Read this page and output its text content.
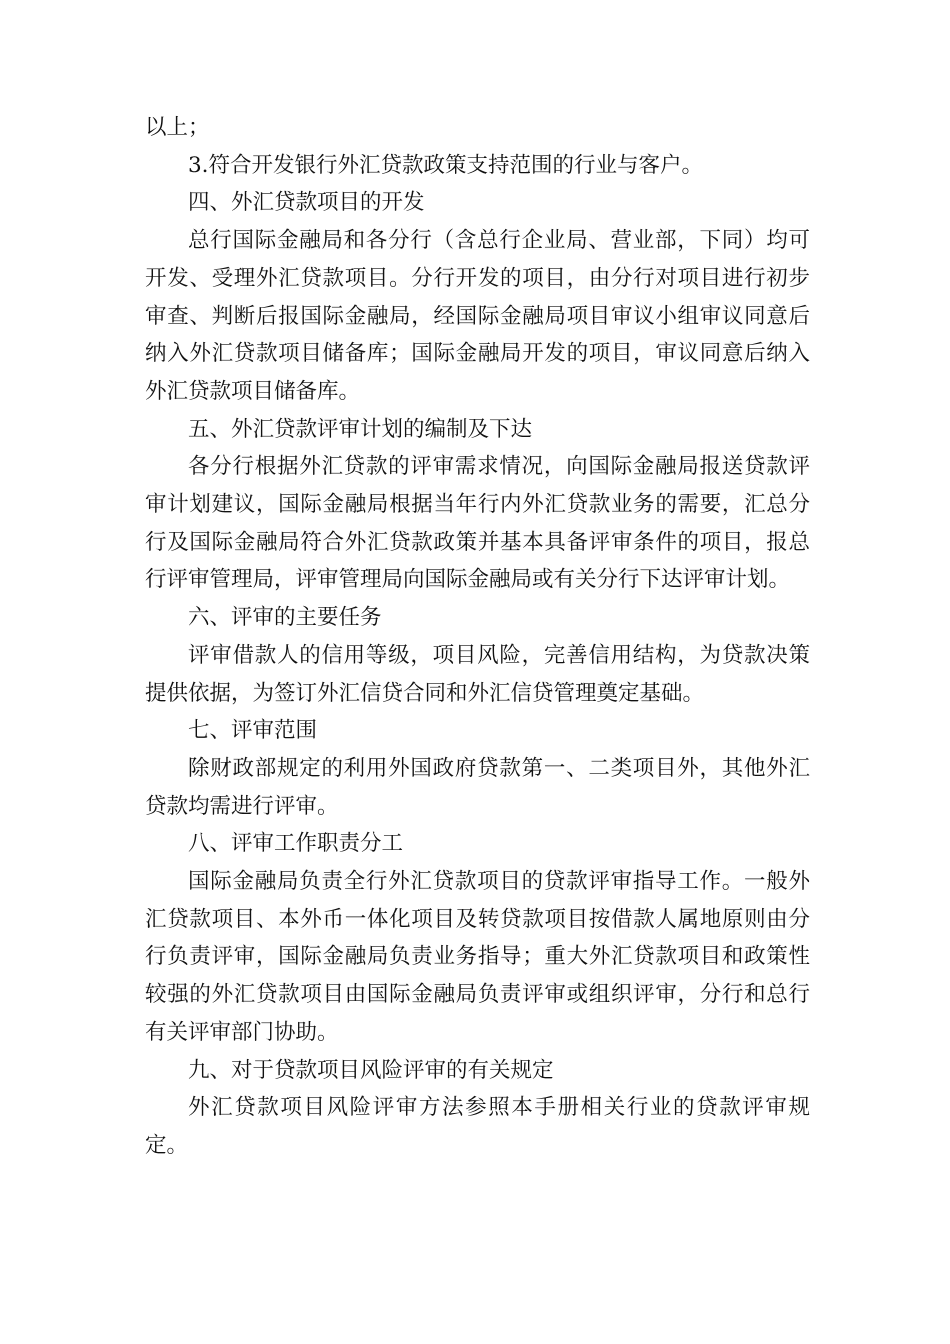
以上；

3.符合开发银行外汇贷款政策支持范围的行业与客户。

四、外汇贷款项目的开发

总行国际金融局和各分行（含总行企业局、营业部，下同）均可开发、受理外汇贷款项目。分行开发的项目，由分行对项目进行初步审查、判断后报国际金融局，经国际金融局项目审议小组审议同意后纳入外汇贷款项目储备库；国际金融局开发的项目，审议同意后纳入外汇贷款项目储备库。

五、外汇贷款评审计划的编制及下达

各分行根据外汇贷款的评审需求情况，向国际金融局报送贷款评审计划建议，国际金融局根据当年行内外汇贷款业务的需要，汇总分行及国际金融局符合外汇贷款政策并基本具备评审条件的项目，报总行评审管理局，评审管理局向国际金融局或有关分行下达评审计划。

六、评审的主要任务

评审借款人的信用等级，项目风险，完善信用结构，为贷款决策提供依据，为签订外汇信贷合同和外汇信贷管理奠定基础。

七、评审范围

除财政部规定的利用外国政府贷款第一、二类项目外，其他外汇贷款均需进行评审。

八、评审工作职责分工

国际金融局负责全行外汇贷款项目的贷款评审指导工作。一般外汇贷款项目、本外币一体化项目及转贷款项目按借款人属地原则由分行负责评审，国际金融局负责业务指导；重大外汇贷款项目和政策性较强的外汇贷款项目由国际金融局负责评审或组织评审，分行和总行有关评审部门协助。

九、对于贷款项目风险评审的有关规定

外汇贷款项目风险评审方法参照本手册相关行业的贷款评审规定。
